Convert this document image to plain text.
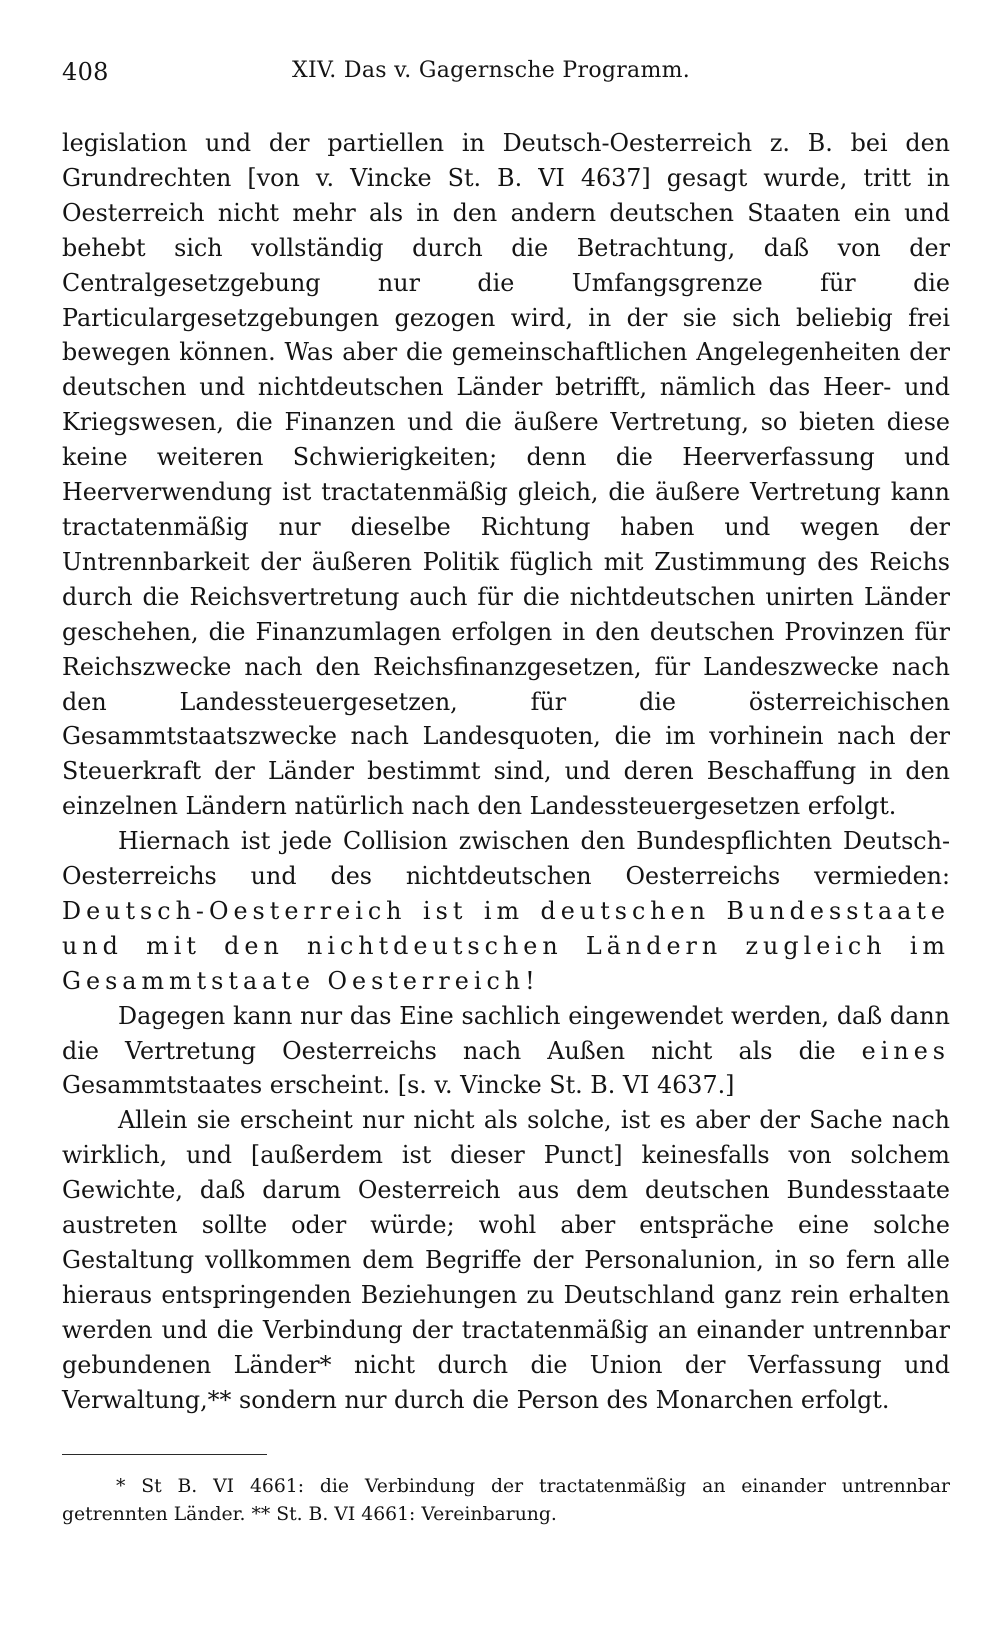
408	XIV. Das v. Gagernsche Programm.

legislation und der partiellen in Deutsch-Oesterreich z. B. bei den Grundrechten [von v. Vincke St. B. VI 4637] gesagt wurde, tritt in Oesterreich nicht mehr als in den andern deutschen Staaten ein und behebt sich vollständig durch die Betrachtung, daß von der Centralgesetzgebung nur die Umfangsgrenze für die Particulargesetzgebungen gezogen wird, in der sie sich beliebig frei bewegen können. Was aber die gemeinschaftlichen Angelegenheiten der deutschen und nichtdeutschen Länder betrifft, nämlich das Heer- und Kriegswesen, die Finanzen und die äußere Vertretung, so bieten diese keine weiteren Schwierigkeiten; denn die Heerverfassung und Heerverwendung ist tractatenmäßig gleich, die äußere Vertretung kann tractatenmäßig nur dieselbe Richtung haben und wegen der Untrennbarkeit der äußeren Politik füglich mit Zustimmung des Reichs durch die Reichsvertretung auch für die nichtdeutschen unirten Länder geschehen, die Finanzumlagen erfolgen in den deutschen Provinzen für Reichszwecke nach den Reichsfinanzgesetzen, für Landeszwecke nach den Landessteuergesetzen, für die österreichischen Gesammtstaatszwecke nach Landesquoten, die im vorhinein nach der Steuerkraft der Länder bestimmt sind, und deren Beschaffung in den einzelnen Ländern natürlich nach den Landessteuergesetzen erfolgt.

Hiernach ist jede Collision zwischen den Bundespflichten Deutsch-Oesterreichs und des nichtdeutschen Oesterreichs vermieden: Deutsch-Oesterreich ist im deutschen Bundesstaate und mit den nichtdeutschen Ländern zugleich im Gesammtstaate Oesterreich!

Dagegen kann nur das Eine sachlich eingewendet werden, daß dann die Vertretung Oesterreichs nach Außen nicht als die eines Gesammtstaates erscheint. [s. v. Vincke St. B. VI 4637.]

Allein sie erscheint nur nicht als solche, ist es aber der Sache nach wirklich, und [außerdem ist dieser Punct] keinesfalls von solchem Gewichte, daß darum Oesterreich aus dem deutschen Bundesstaate austreten sollte oder würde; wohl aber entspräche eine solche Gestaltung vollkommen dem Begriffe der Personalunion, in so fern alle hieraus entspringenden Beziehungen zu Deutschland ganz rein erhalten werden und die Verbindung der tractatenmäßig an einander untrennbar gebundenen Länder* nicht durch die Union der Verfassung und Verwaltung,** sondern nur durch die Person des Monarchen erfolgt.

* St B. VI 4661: die Verbindung der tractatenmäßig an einander untrennbar getrennten Länder. ** St. B. VI 4661: Vereinbarung.
